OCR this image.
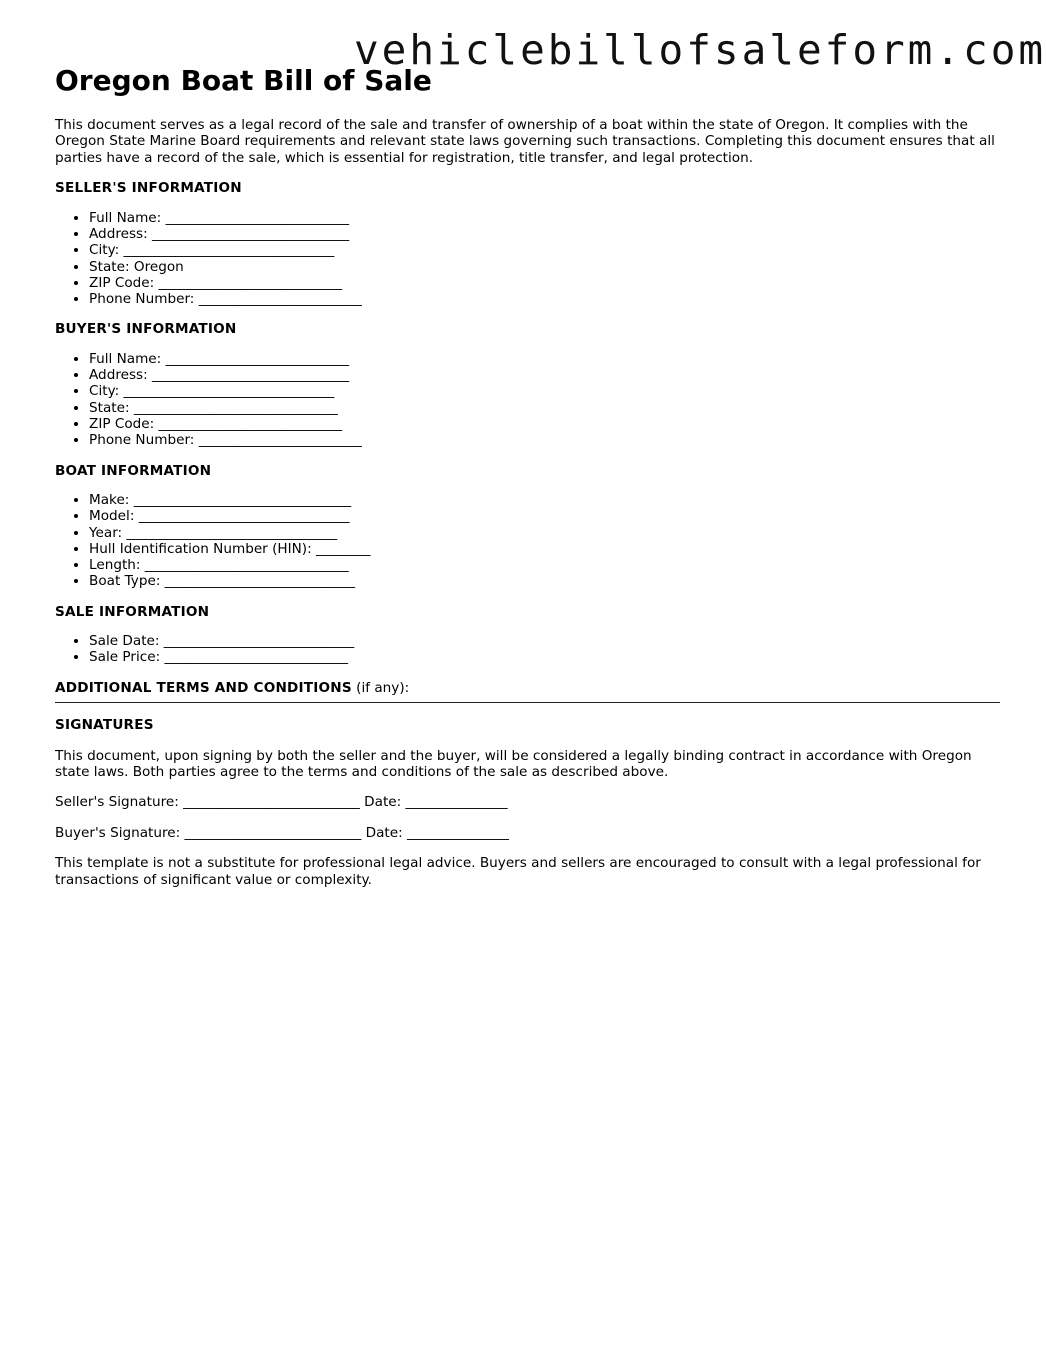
vehiclebillofsaleform.com
Oregon Boat Bill of Sale

This document serves as a legal record of the sale and transfer of ownership of a boat within the state of Oregon. It complies with the Oregon State Marine Board requirements and relevant state laws governing such transactions. Completing this document ensures that all parties have a record of the sale, which is essential for registration, title transfer, and legal protection.

SELLER'S INFORMATION
• Full Name: ___________________________
• Address: _____________________________
• City: _______________________________
• State: Oregon
• ZIP Code: ___________________________
• Phone Number: ________________________
BUYER'S INFORMATION
• Full Name: ___________________________
• Address: _____________________________
• City: _______________________________
• State: ______________________________
• ZIP Code: ___________________________
• Phone Number: ________________________
BOAT INFORMATION
• Make: ________________________________
• Model: _______________________________
• Year: _______________________________
• Hull Identification Number (HIN): ________
• Length: ______________________________
• Boat Type: ____________________________
SALE INFORMATION
• Sale Date: ____________________________
• Sale Price: ___________________________
ADDITIONAL TERMS AND CONDITIONS (if any):
SIGNATURES

This document, upon signing by both the seller and the buyer, will be considered a legally binding contract in accordance with Oregon state laws. Both parties agree to the terms and conditions of the sale as described above.

Seller's Signature: __________________________ Date: _______________

Buyer's Signature: __________________________ Date: _______________

This template is not a substitute for professional legal advice. Buyers and sellers are encouraged to consult with a legal professional for transactions of significant value or complexity.
